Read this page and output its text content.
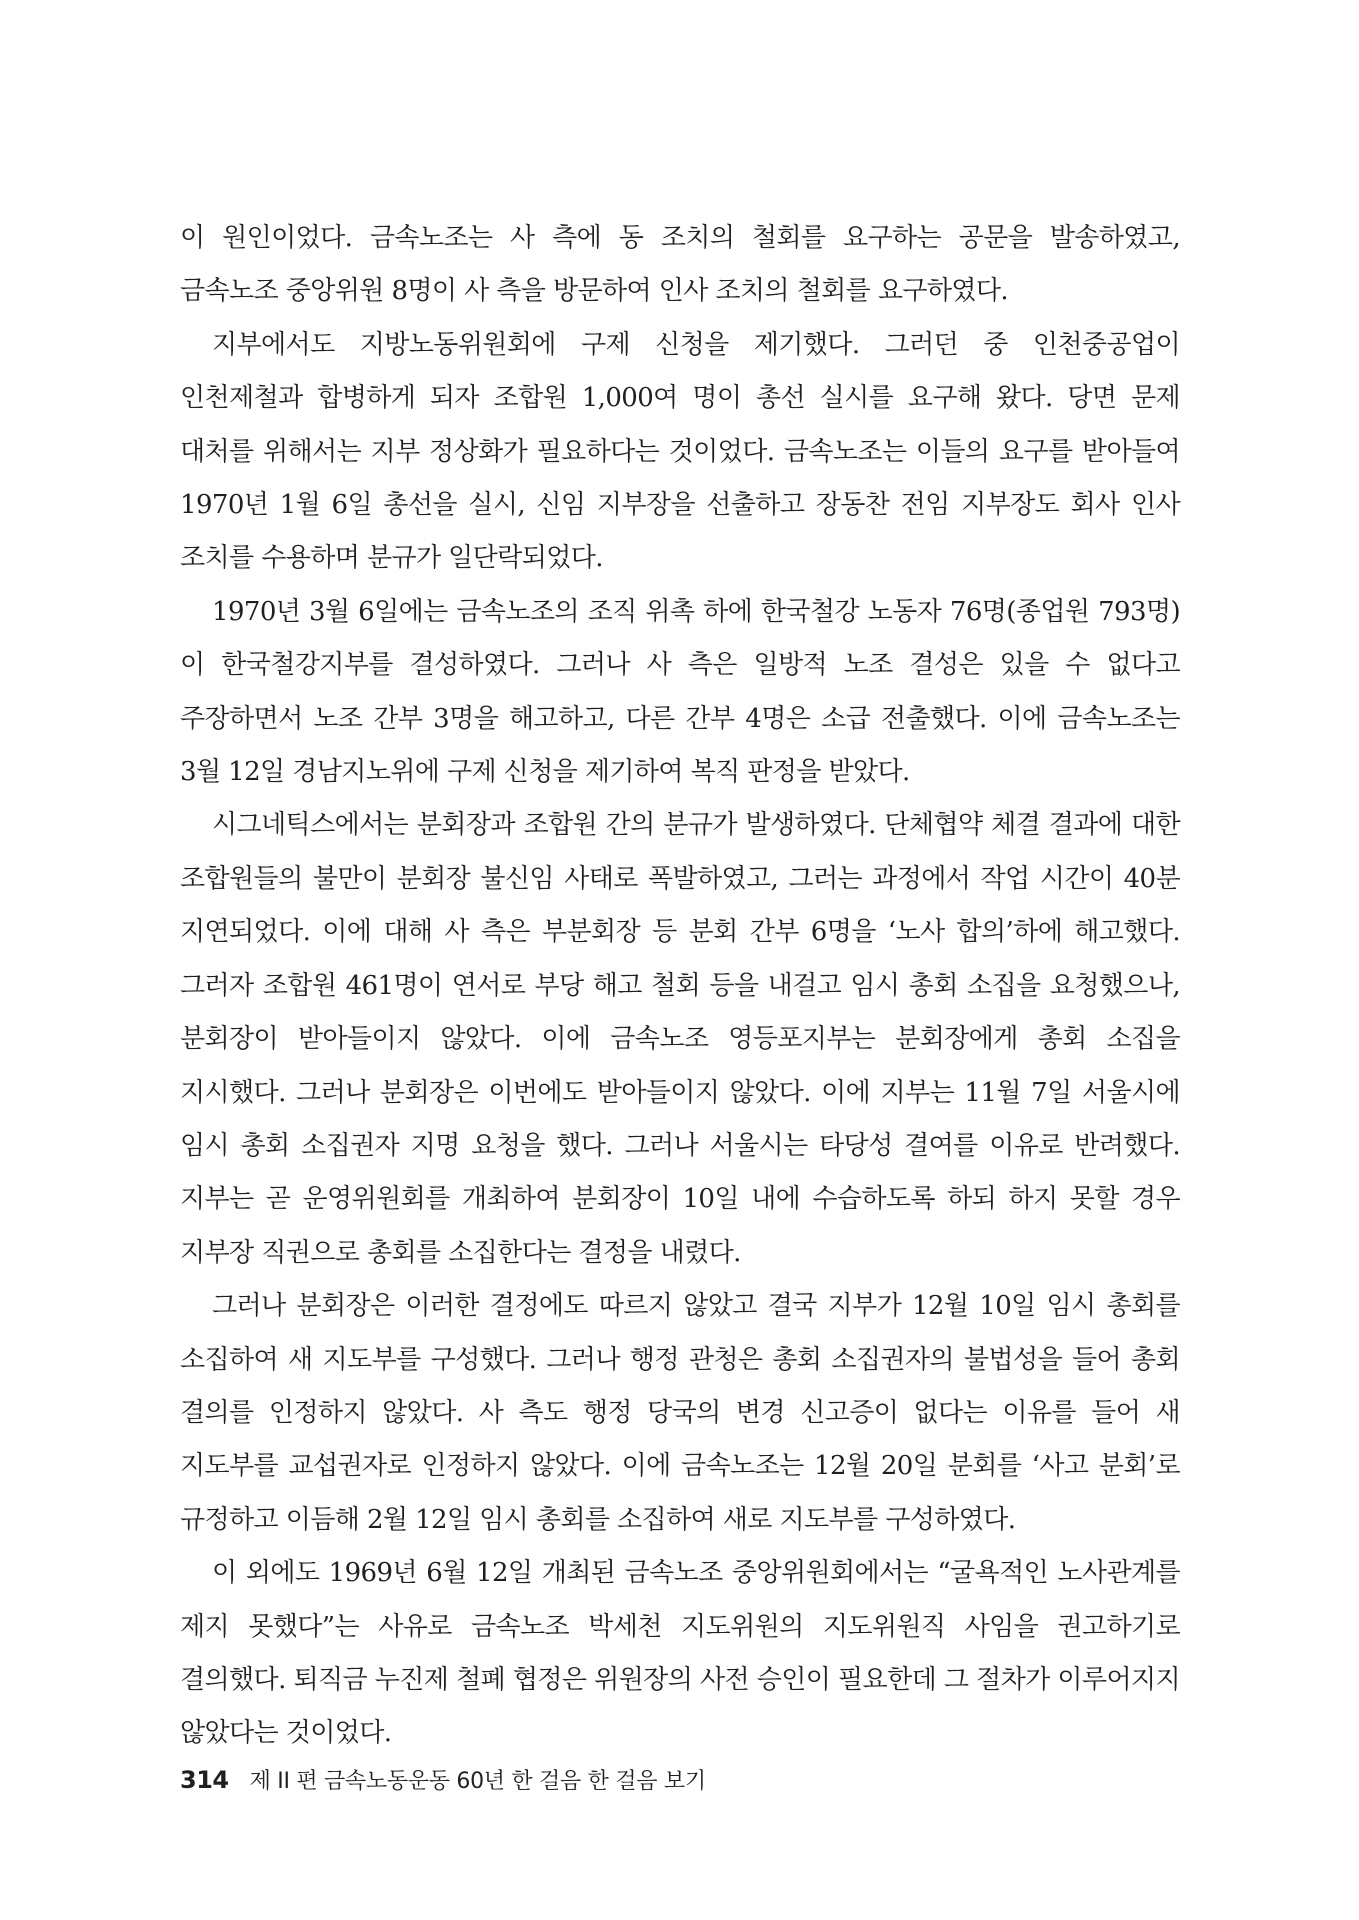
이 원인이었다. 금속노조는 사 측에 동 조치의 철회를 요구하는 공문을 발송하였고, 금속노조 중앙위원 8명이 사 측을 방문하여 인사 조치의 철회를 요구하였다.

지부에서도 지방노동위원회에 구제 신청을 제기했다. 그러던 중 인천중공업이 인천제철과 합병하게 되자 조합원 1,000여 명이 총선 실시를 요구해 왔다. 당면 문제 대처를 위해서는 지부 정상화가 필요하다는 것이었다. 금속노조는 이들의 요구를 받아들여 1970년 1월 6일 총선을 실시, 신임 지부장을 선출하고 장동찬 전임 지부장도 회사 인사 조치를 수용하며 분규가 일단락되었다.

1970년 3월 6일에는 금속노조의 조직 위촉 하에 한국철강 노동자 76명(종업원 793명)이 한국철강지부를 결성하였다. 그러나 사 측은 일방적 노조 결성은 있을 수 없다고 주장하면서 노조 간부 3명을 해고하고, 다른 간부 4명은 소급 전출했다. 이에 금속노조는 3월 12일 경남지노위에 구제 신청을 제기하여 복직 판정을 받았다.

시그네틱스에서는 분회장과 조합원 간의 분규가 발생하였다. 단체협약 체결 결과에 대한 조합원들의 불만이 분회장 불신임 사태로 폭발하였고, 그러는 과정에서 작업 시간이 40분 지연되었다. 이에 대해 사 측은 부분회장 등 분회 간부 6명을 ‘노사 합의’하에 해고했다. 그러자 조합원 461명이 연서로 부당 해고 철회 등을 내걸고 임시 총회 소집을 요청했으나, 분회장이 받아들이지 않았다. 이에 금속노조 영등포지부는 분회장에게 총회 소집을 지시했다. 그러나 분회장은 이번에도 받아들이지 않았다. 이에 지부는 11월 7일 서울시에 임시 총회 소집권자 지명 요청을 했다. 그러나 서울시는 타당성 결여를 이유로 반려했다. 지부는 곧 운영위원회를 개최하여 분회장이 10일 내에 수습하도록 하되 하지 못할 경우 지부장 직권으로 총회를 소집한다는 결정을 내렸다.

그러나 분회장은 이러한 결정에도 따르지 않았고 결국 지부가 12월 10일 임시 총회를 소집하여 새 지도부를 구성했다. 그러나 행정 관청은 총회 소집권자의 불법성을 들어 총회 결의를 인정하지 않았다. 사 측도 행정 당국의 변경 신고증이 없다는 이유를 들어 새 지도부를 교섭권자로 인정하지 않았다. 이에 금속노조는 12월 20일 분회를 ‘사고 분회’로 규정하고 이듬해 2월 12일 임시 총회를 소집하여 새로 지도부를 구성하였다.

이 외에도 1969년 6월 12일 개최된 금속노조 중앙위원회에서는 “굴욕적인 노사관계를 제지 못했다”는 사유로 금속노조 박세천 지도위원의 지도위원직 사임을 권고하기로 결의했다. 퇴직금 누진제 철폐 협정은 위원장의 사전 승인이 필요한데 그 절차가 이루어지지 않았다는 것이었다.

314 제 II 편 금속노동운동 60년 한 걸음 한 걸음 보기
